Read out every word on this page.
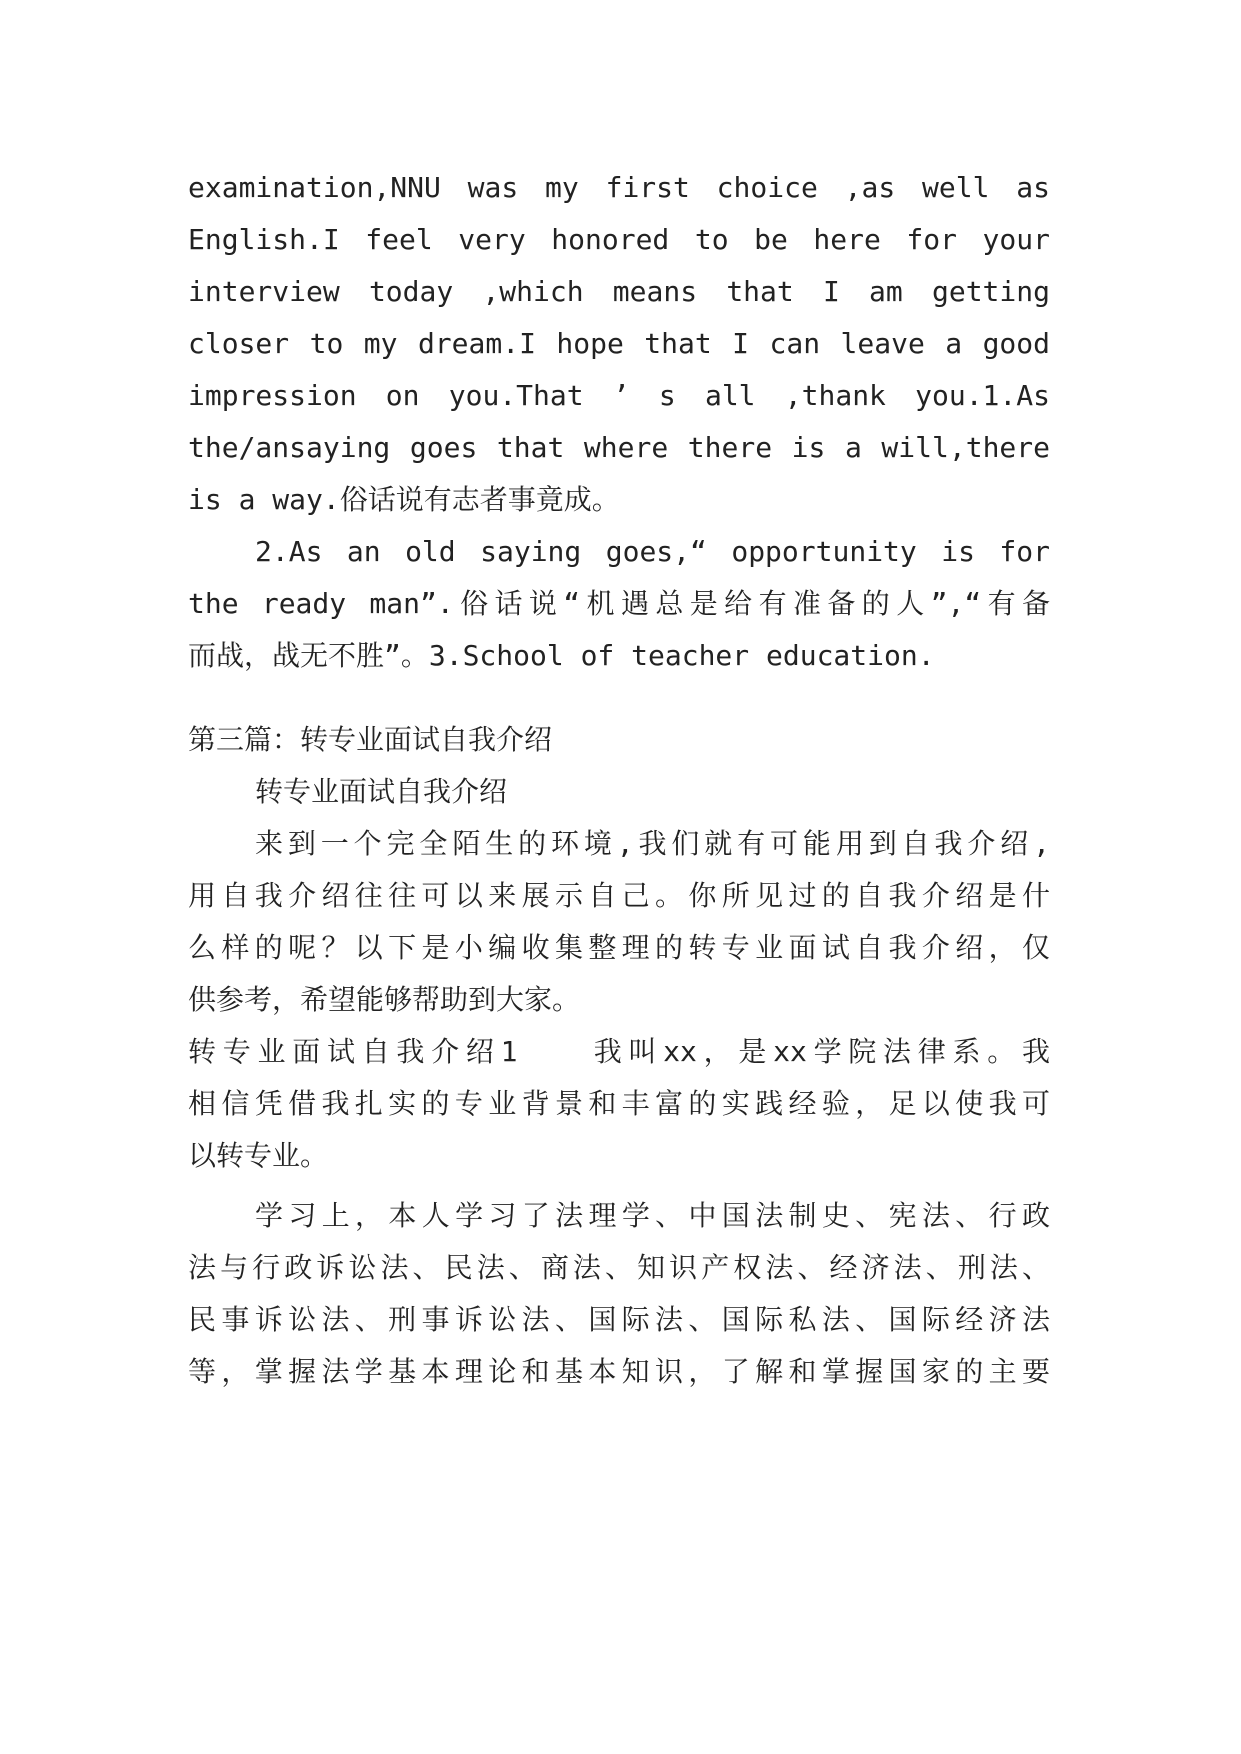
examination,NNU was my first choice ,as well as
English.I feel very honored to be here for your
interview today ,which means that I am getting
closer to my dream.I hope that I can leave a good
impression on you.That ’ s all ,thank you.1.As
the/ansaying goes that where there is a will,there
is a way.俗话说有志者事竟成。
2.As an old saying goes,“ opportunity is for
the ready man”.俗话说“机遇总是给有准备的人”,“有备
而战，战无不胜”。3.School of teacher education.
第三篇：转专业面试自我介绍
转专业面试自我介绍
来到一个完全陌生的环境,我们就有可能用到自我介绍,
用自我介绍往往可以来展示自己。你所见过的自我介绍是什
么样的呢？以下是小编收集整理的转专业面试自我介绍，仅
供参考，希望能够帮助到大家。
转专业面试自我介绍1　　我叫xx，是xx学院法律系。我
相信凭借我扎实的专业背景和丰富的实践经验，足以使我可
以转专业。
学习上，本人学习了法理学、中国法制史、宪法、行政
法与行政诉讼法、民法、商法、知识产权法、经济法、刑法、
民事诉讼法、刑事诉讼法、国际法、国际私法、国际经济法
等，掌握法学基本理论和基本知识，了解和掌握国家的主要
